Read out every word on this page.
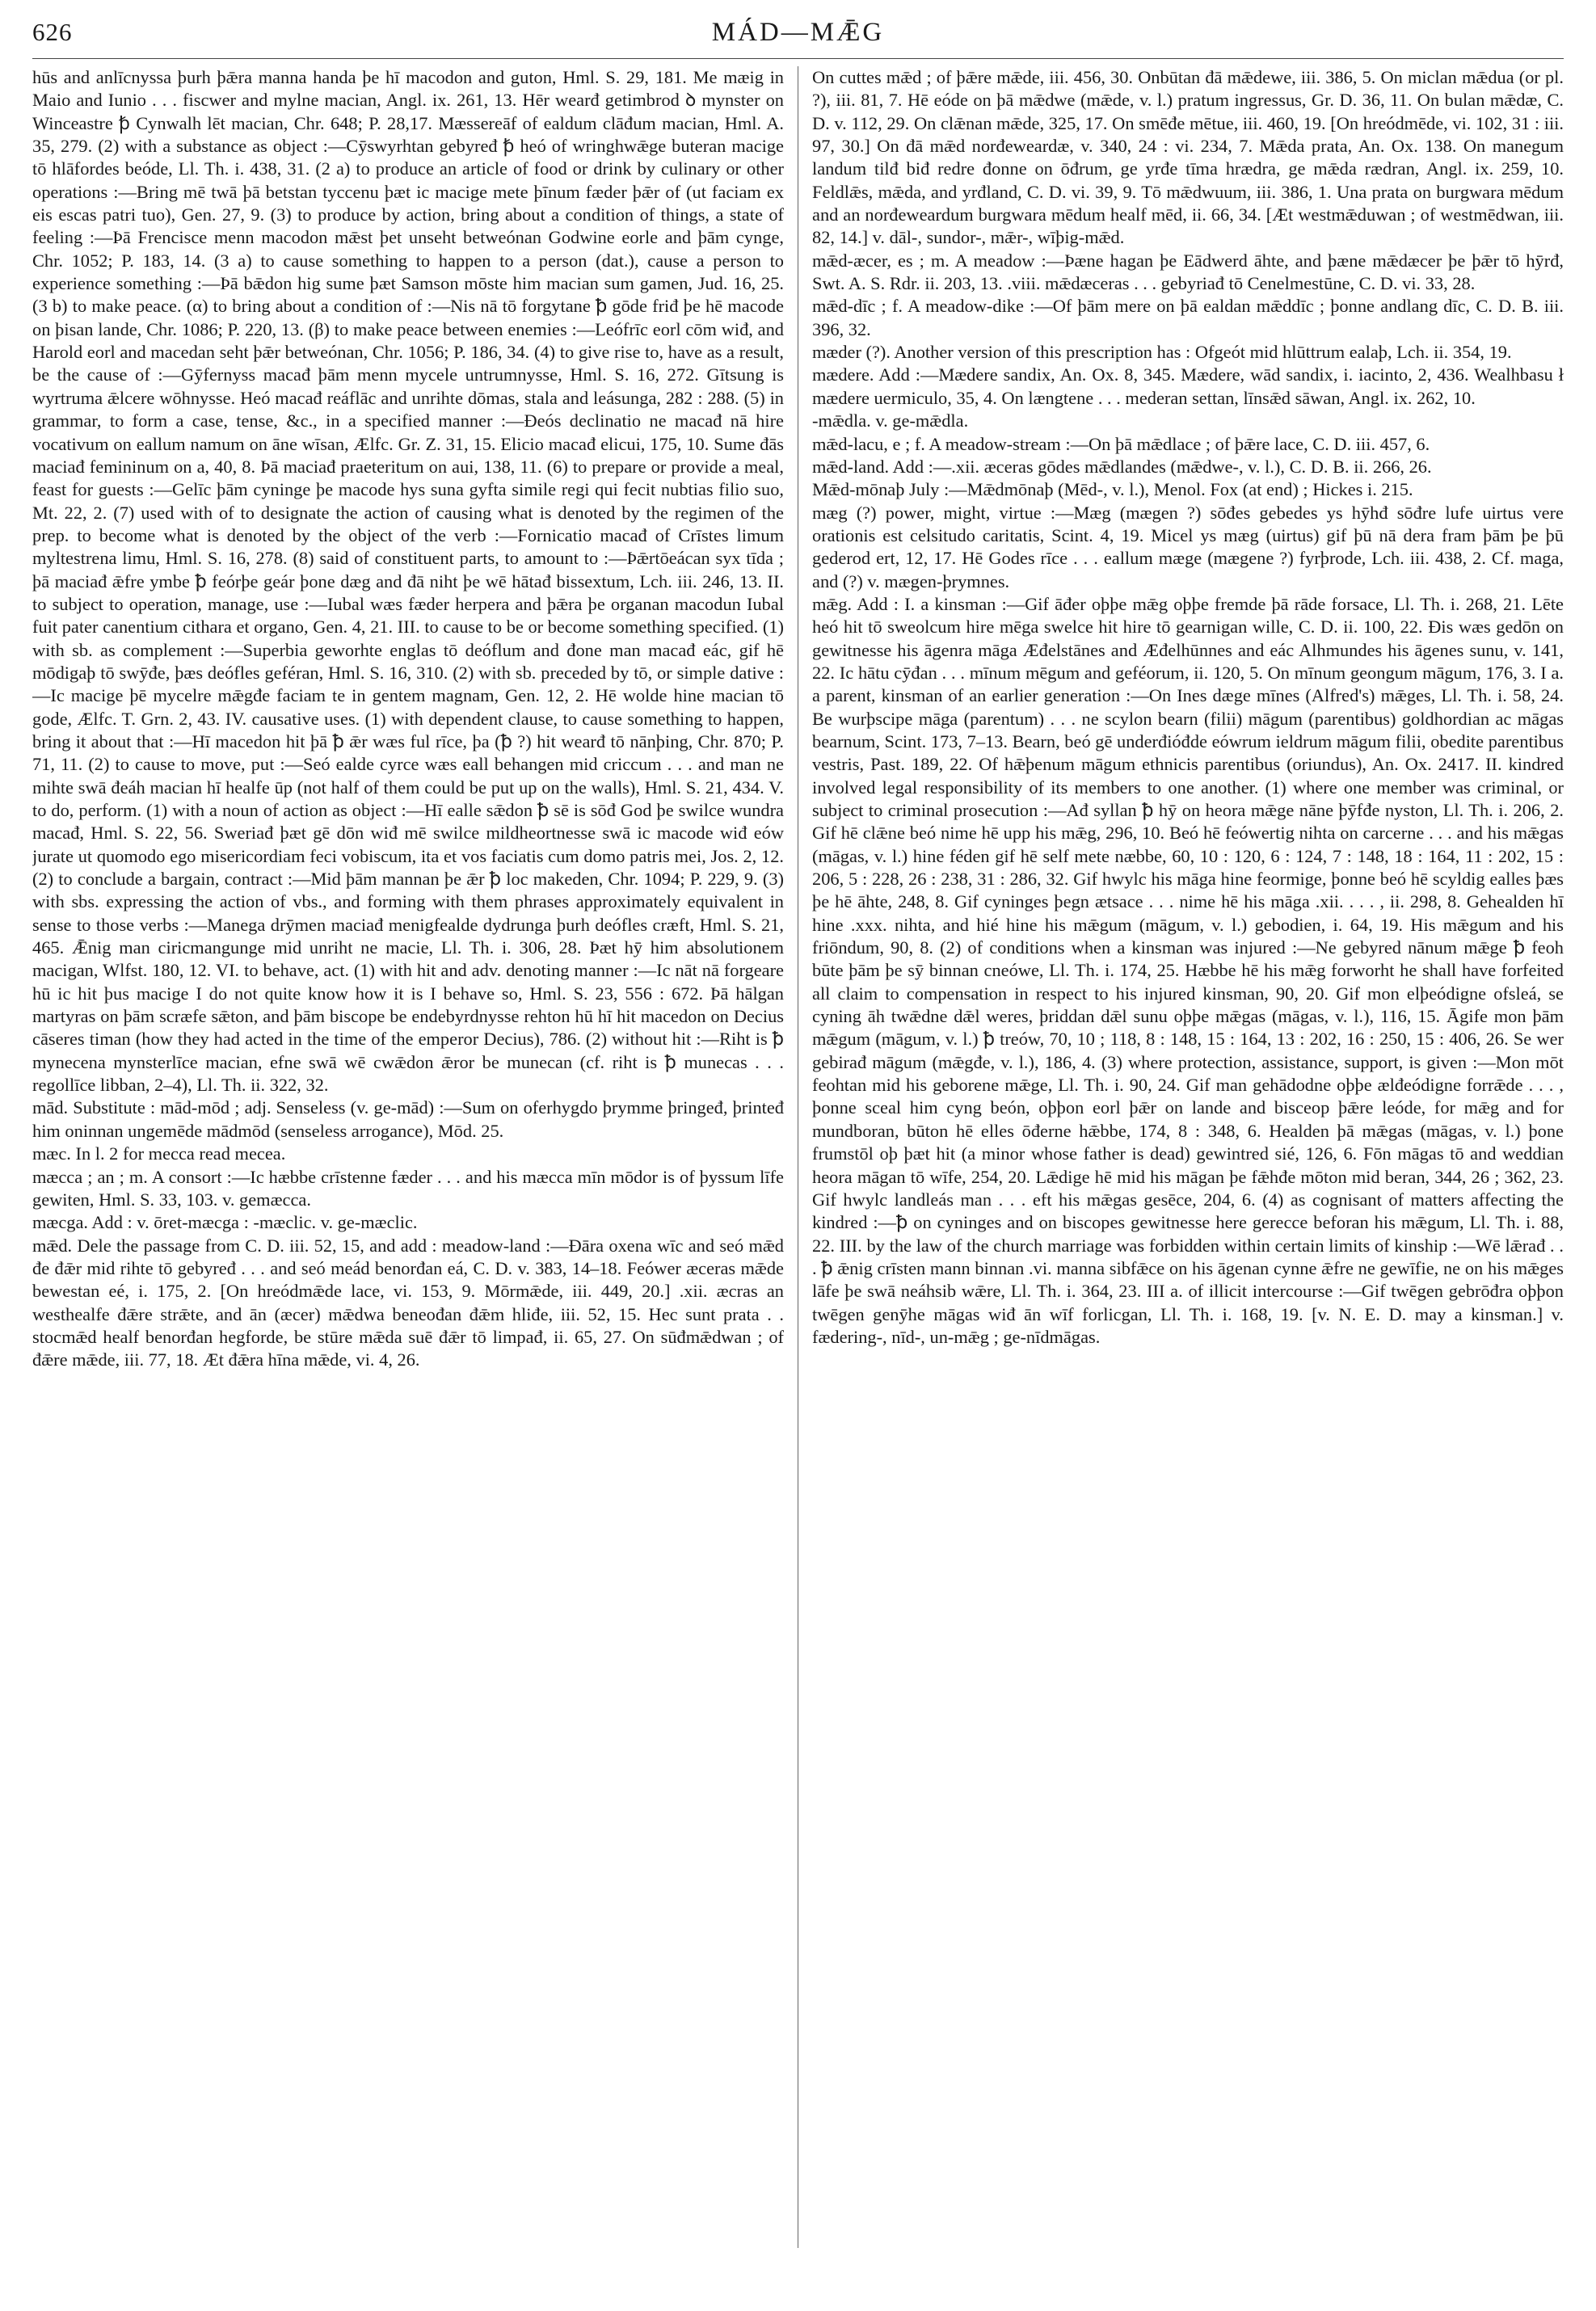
626	MÁD—MǢG

hūs and anlīcnyssa þurh þǣra manna handa þe hī macodon and guton, Hml. S. 29, 181. Me mæig in Maio and Iunio . . . fiscwer and mylne macian, Angl. ix. 261, 13. Hēr wearđ getimbrod ꝺ mynster on Winceastre ꝥ Cynwalh lēt macian, Chr. 648; P. 28,17. Mæssereāf of ealdum clāđum macian, Hml. A. 35, 279. (2) with a substance as object :—Cȳswyrhtan gebyređ ꝥ heó of wringhwǣge buteran macige tō hlāfordes beóde, Ll. Th. i. 438, 31. (2 a) to produce an article of food or drink by culinary or other operations :—Bring mē twā þā betstan tyccenu þæt ic macige mete þīnum fæder þǣr of (ut faciam ex eis escas patri tuo), Gen. 27, 9. (3) to produce by action, bring about a condition of things, a state of feeling :—Þā Frencisce menn macodon mǣst þet unseht betweónan Godwine eorle and þām cynge, Chr. 1052; P. 183, 14. (3 a) to cause something to happen to a person (dat.), cause a person to experience something :—Þā bǣdon hig sume þæt Samson mōste him macian sum gamen, Jud. 16, 25. (3 b) to make peace. (α) to bring about a condition of :—Nis nā tō forgytane ꝥ gōde friđ þe hē macode on þisan lande, Chr. 1086; P. 220, 13. (β) to make peace between enemies :—Leófrīc eorl cōm wiđ, and Harold eorl and macedan seht þǣr betweónan, Chr. 1056; P. 186, 34. (4) to give rise to, have as a result, be the cause of :—Gȳfernyss macađ þām menn mycele untrumnysse, Hml. S. 16, 272. Gītsung is wyrtruma ǣlcere wōhnysse. Heó macađ reáflāc and unrihte dōmas, stala and leásunga, 282 : 288. (5) in grammar, to form a case, tense, &c., in a specified manner :—Đeós declinatio ne macađ nā hire vocativum on eallum namum on āne wīsan, Ælfc. Gr. Z. 31, 15. Elicio macađ elicui, 175, 10. Sume đās maciađ femininum on a, 40, 8. Þā maciađ praeteritum on aui, 138, 11. (6) to prepare or provide a meal, feast for guests :—Gelīc þām cyninge þe macode hys suna gyfta simile regi qui fecit nubtias filio suo, Mt. 22, 2. (7) used with of to designate the action of causing what is denoted by the regimen of the prep. to become what is denoted by the object of the verb :—Fornicatio macađ of Crīstes limum myltestrena limu, Hml. S. 16, 278. (8) said of constituent parts, to amount to :—Þǣrtōeácan syx tīda ; þā maciađ ǣfre ymbe ꝥ feórþe geár þone dæg and đā niht þe wē hātađ bissextum, Lch. iii. 246, 13. II. to subject to operation, manage, use :—Iubal wæs fæder herpera and þǣra þe organan macodun Iubal fuit pater canentium cithara et organo, Gen. 4, 21. III. to cause to be or become something specified. (1) with sb. as complement :—Superbia geworhte englas tō deóflum and đone man macađ eác, gif hē mōdigaþ tō swȳđe, þæs deófles geféran, Hml. S. 16, 310. (2) with sb. preceded by tō, or simple dative :—Ic macige þē mycelre mǣgđe faciam te in gentem magnam, Gen. 12, 2. Hē wolde hine macian tō gode, Ælfc. T. Grn. 2, 43. IV. causative uses. (1) with dependent clause, to cause something to happen, bring it about that :—Hī macedon hit þā ꝥ ǣr wæs ful rīce, þa (ꝥ ?) hit wearđ tō nānþing, Chr. 870; P. 71, 11. (2) to cause to move, put :—Seó ealde cyrce wæs eall behangen mid criccum . . . and man ne mihte swā đeáh macian hī healfe ūp (not half of them could be put up on the walls), Hml. S. 21, 434. V. to do, perform. (1) with a noun of action as object :—Hī ealle sǣdon ꝥ sē is sōđ God þe swilce wundra macađ, Hml. S. 22, 56. Sweriađ þæt gē dōn wiđ mē swilce mildheortnesse swā ic macode wiđ eów jurate ut quomodo ego misericordiam feci vobiscum, ita et vos faciatis cum domo patris mei, Jos. 2, 12. (2) to conclude a bargain, contract :—Mid þām mannan þe ǣr ꝥ loc makeden, Chr. 1094; P. 229, 9. (3) with sbs. expressing the action of vbs., and forming with them phrases approximately equivalent in sense to those verbs :—Manega drȳmen maciađ menigfealde dydrunga þurh deófles cræft, Hml. S. 21, 465. Ǣnig man ciricmangunge mid unriht ne macie, Ll. Th. i. 306, 28. Þæt hȳ him absolutionem macigan, Wlfst. 180, 12. VI. to behave, act. (1) with hit and adv. denoting manner :—Ic nāt nā forgeare hū ic hit þus macige I do not quite know how it is I behave so, Hml. S. 23, 556 : 672. Þā hālgan martyras on þām scræfe sǣton, and þām biscope be endebyrdnysse rehton hū hī hit macedon on Decius cāseres timan (how they had acted in the time of the emperor Decius), 786. (2) without hit :—Riht is ꝥ mynecena mynsterlīce macian, efne swā wē cwǣdon ǣror be munecan (cf. riht is ꝥ munecas . . . regollīce libban, 2–4), Ll. Th. ii. 322, 32.

mād. Substitute : mād-mōd ; adj. Senseless (v. ge-mād) :—Sum on oferhygdo þrymme þringeđ, þrinteđ him oninnan ungemēde mādmōd (senseless arrogance), Mōd. 25.

mæc. In l. 2 for mecca read mecea.

mæcca ; an ; m. A consort :—Ic hæbbe crīstenne fæder . . . and his mæcca mīn mōdor is of þyssum līfe gewiten, Hml. S. 33, 103. v. gemæcca.

mæcga. Add : v. ōret-mæcga : -mæclic. v. ge-mæclic.

mǣd. Dele the passage from C. D. iii. 52, 15, and add : meadow-land :—Đāra oxena wīc and seó mǣd đe đǣr mid rihte tō gebyređ . . . and seó meád benorđan eá, C. D. v. 383, 14–18. Feówer æceras mǣde bewestan eé, i. 175, 2. [On hreódmǣde lace, vi. 153, 9. Mōrmǣde, iii. 449, 20.] .xii. æcras an westhealfe đǣre strǣte, and ān (æcer) mǣdwa beneođan đǣm hliđe, iii. 52, 15. Hec sunt prata . . stocmǣd healf benorđan hegforde, be stūre mǣda suē đǣr tō limpađ, ii. 65, 27. On sūđmǣdwan ; of đǣre mǣde, iii. 77, 18. Æt đǣra hīna mǣde, vi. 4, 26.

On cuttes mǣd ; of þǣre mǣde, iii. 456, 30. Onbūtan đā mǣdewe, iii. 386, 5. On miclan mǣdua (or pl. ?), iii. 81, 7. Hē eóde on þā mǣdwe (mǣde, v. l.) pratum ingressus, Gr. D. 36, 11. On bulan mǣdæ, C. D. v. 112, 29. On clǣnan mǣde, 325, 17. On smēđe mētue, iii. 460, 19. [On hreódmēde, vi. 102, 31 : iii. 97, 30.] On đā mǣd norđeweardæ, v. 340, 24 : vi. 234, 7. Mǣda prata, An. Ox. 138. On manegum landum tilđ biđ redre đonne on ōđrum, ge yrđe tīma hrædra, ge mǣda rædran, Angl. ix. 259, 10. Feldlǣs, mǣda, and yrđland, C. D. vi. 39, 9. Tō mǣdwuum, iii. 386, 1. Una prata on burgwara mēdum and an norđeweardum burgwara mēdum healf mēd, ii. 66, 34. [Æt westmǣduwan ; of westmēdwan, iii. 82, 14.] v. dāl-, sundor-, mǣr-, wīþig-mǣd.

mǣd-æcer, es ; m. A meadow :—Þæne hagan þe Eādwerd āhte, and þæne mǣdæcer þe þǣr tō hȳrđ, Swt. A. S. Rdr. ii. 203, 13. .viii. mǣdæceras . . . gebyriađ tō Cenelmestūne, C. D. vi. 33, 28.

mǣd-dīc ; f. A meadow-dike :—Of þām mere on þā ealdan mǣddīc ; þonne andlang dīc, C. D. B. iii. 396, 32.

mæder (?). Another version of this prescription has : Ofgeót mid hlūttrum ealaþ, Lch. ii. 354, 19.

mædere. Add :—Mædere sandix, An. Ox. 8, 345. Mædere, wād sandix, i. iacinto, 2, 436. Wealhbasu ł mædere uermiculo, 35, 4. On længtene . . . mederan settan, līnsǣd sāwan, Angl. ix. 262, 10.

-mǣdla. v. ge-mǣdla.

mǣd-lacu, e ; f. A meadow-stream :—On þā mǣdlace ; of þǣre lace, C. D. iii. 457, 6.

mǣd-land. Add :—.xii. æceras gōdes mǣdlandes (mǣdwe-, v. l.), C. D. B. ii. 266, 26.

Mǣd-mōnaþ July :—Mǣdmōnaþ (Mēd-, v. l.), Menol. Fox (at end) ; Hickes i. 215.

mæg (?) power, might, virtue :—Mæg (mægen ?) sōđes gebedes ys hȳhđ sōđre lufe uirtus vere orationis est celsitudo caritatis, Scint. 4, 19. Micel ys mæg (uirtus) gif þū nā dera fram þām þe þū gederod ert, 12, 17. Hē Godes rīce . . . eallum mæge (mægene ?) fyrþrode, Lch. iii. 438, 2. Cf. maga, and (?) v. mægen-þrymnes.

mǣg. Add : I. a kinsman :—Gif āđer oþþe mǣg oþþe fremde þā rāde forsace, Ll. Th. i. 268, 21. Lēte heó hit tō sweolcum hire mēga swelce hit hire tō gearnigan wille, C. D. ii. 100, 22. Đis wæs gedōn on gewitnesse his āgenra māga Æđelstānes and Æđelhūnnes and eác Alhmundes his āgenes sunu, v. 141, 22. Ic hātu cȳđan . . . mīnum mēgum and geféorum, ii. 120, 5. On mīnum geongum māgum, 176, 3. I a. a parent, kinsman of an earlier generation :—On Ines dæge mīnes (Alfred's) mǣges, Ll. Th. i. 58, 24. Be wurþscipe māga (parentum) . . . ne scylon bearn (filii) māgum (parentibus) goldhordian ac māgas bearnum, Scint. 173, 7–13. Bearn, beó gē underđióđde eówrum ieldrum māgum filii, obedite parentibus vestris, Past. 189, 22. Of hǣþenum māgum ethnicis parentibus (oriundus), An. Ox. 2417. II. kindred involved legal responsibility of its members to one another. (1) where one member was criminal, or subject to criminal prosecution :—Ađ syllan ꝥ hȳ on heora mǣge nāne þȳfđe nyston, Ll. Th. i. 206, 2. Gif hē clǣne beó nime hē upp his mǣg, 296, 10. Beó hē feówertig nihta on carcerne . . . and his mǣgas (māgas, v. l.) hine féden gif hē self mete næbbe, 60, 10 : 120, 6 : 124, 7 : 148, 18 : 164, 11 : 202, 15 : 206, 5 : 228, 26 : 238, 31 : 286, 32. Gif hwylc his māga hine feormige, þonne beó hē scyldig ealles þæs þe hē āhte, 248, 8. Gif cyninges þegn ætsace . . . nime hē his māga .xii. . . . , ii. 298, 8. Gehealden hī hine .xxx. nihta, and hié hine his mǣgum (māgum, v. l.) gebodien, i. 64, 19. His mǣgum and his friōndum, 90, 8. (2) of conditions when a kinsman was injured :—Ne gebyred nānum mǣge ꝥ feoh būte þām þe sȳ binnan cneówe, Ll. Th. i. 174, 25. Hæbbe hē his mǣg forworht he shall have forfeited all claim to compensation in respect to his injured kinsman, 90, 20. Gif mon elþeódigne ofsleá, se cyning āh twǣdne dǣl weres, þriddan dǣl sunu oþþe mǣgas (māgas, v. l.), 116, 15. Āgife mon þām mǣgum (māgum, v. l.) ꝥ treów, 70, 10 ; 118, 8 : 148, 15 : 164, 13 : 202, 16 : 250, 15 : 406, 26. Se wer gebirađ māgum (mǣgđe, v. l.), 186, 4. (3) where protection, assistance, support, is given :—Mon mōt feohtan mid his geborene mǣge, Ll. Th. i. 90, 24. Gif man gehādodne oþþe ælđeódigne forrǣde . . . , þonne sceal him cyng beón, oþþon eorl þǣr on lande and bisceop þǣre leóde, for mǣg and for mundboran, būton hē elles ōđerne hǣbbe, 174, 8 : 348, 6. Healden þā mǣgas (māgas, v. l.) þone frumstōl oþ þæt hit (a minor whose father is dead) gewintred sié, 126, 6. Fōn māgas tō and weddian heora māgan tō wīfe, 254, 20. Lǣdige hē mid his māgan þe fǣhđe mōton mid beran, 344, 26 ; 362, 23. Gif hwylc landleás man . . . eft his mǣgas gesēce, 204, 6. (4) as cognisant of matters affecting the kindred :—ꝥ on cyninges and on biscopes gewitnesse here gerecce beforan his mǣgum, Ll. Th. i. 88, 22. III. by the law of the church marriage was forbidden within certain limits of kinship :—Wē lǣrađ . . . ꝥ ǣnig crīsten mann binnan .vi. manna sibfǣce on his āgenan cynne ǣfre ne gewīfie, ne on his mǣges lāfe þe swā neáhsib wǣre, Ll. Th. i. 364, 23. III a. of illicit intercourse :—Gif twēgen gebrōđra oþþon twēgen genȳhe māgas wiđ ān wīf forlicgan, Ll. Th. i. 168, 19. [v. N. E. D. may a kinsman.] v. fædering-, nīd-, un-mǣg ; ge-nīdmāgas.
